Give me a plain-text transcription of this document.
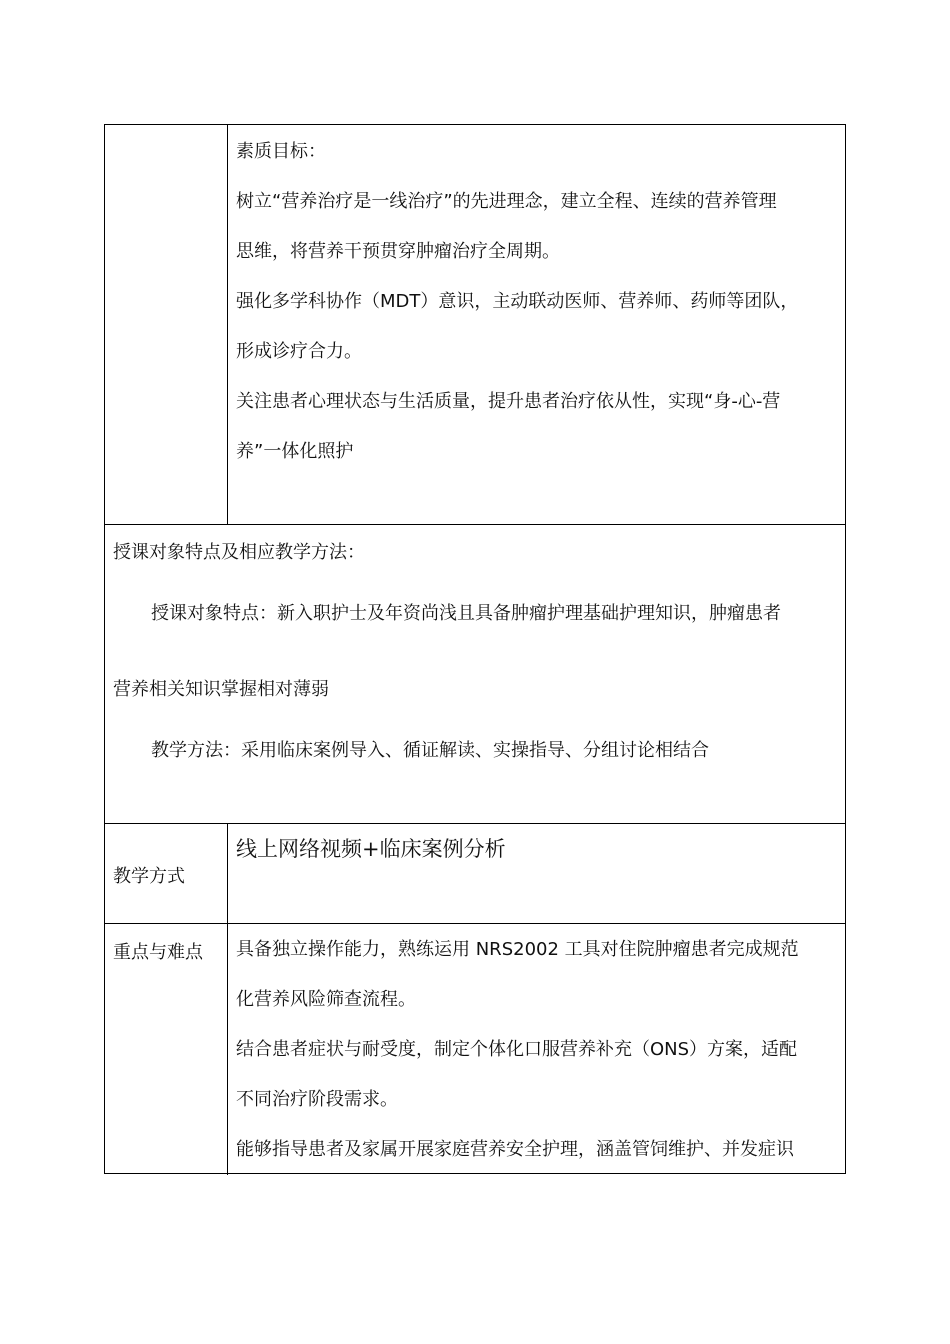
素质目标：
树立“营养治疗是一线治疗”的先进理念，建立全程、连续的营养管理
思维，将营养干预贯穿肿瘤治疗全周期。
强化多学科协作（MDT）意识，主动联动医师、营养师、药师等团队，
形成诊疗合力。
关注患者心理状态与生活质量，提升患者治疗依从性，实现“身-心-营
养”一体化照护
授课对象特点及相应教学方法：
授课对象特点：新入职护士及年资尚浅且具备肿瘤护理基础护理知识，肿瘤患者
营养相关知识掌握相对薄弱
教学方法：采用临床案例导入、循证解读、实操指导、分组讨论相结合
教学方式
线上网络视频+临床案例分析
重点与难点 具备独立操作能力，熟练运用 NRS2002 工具对住院肿瘤患者完成规范
化营养风险筛查流程。
结合患者症状与耐受度，制定个体化口服营养补充（ONS）方案，适配
不同治疗阶段需求。
能够指导患者及家属开展家庭营养安全护理，涵盖管饲维护、并发症识
